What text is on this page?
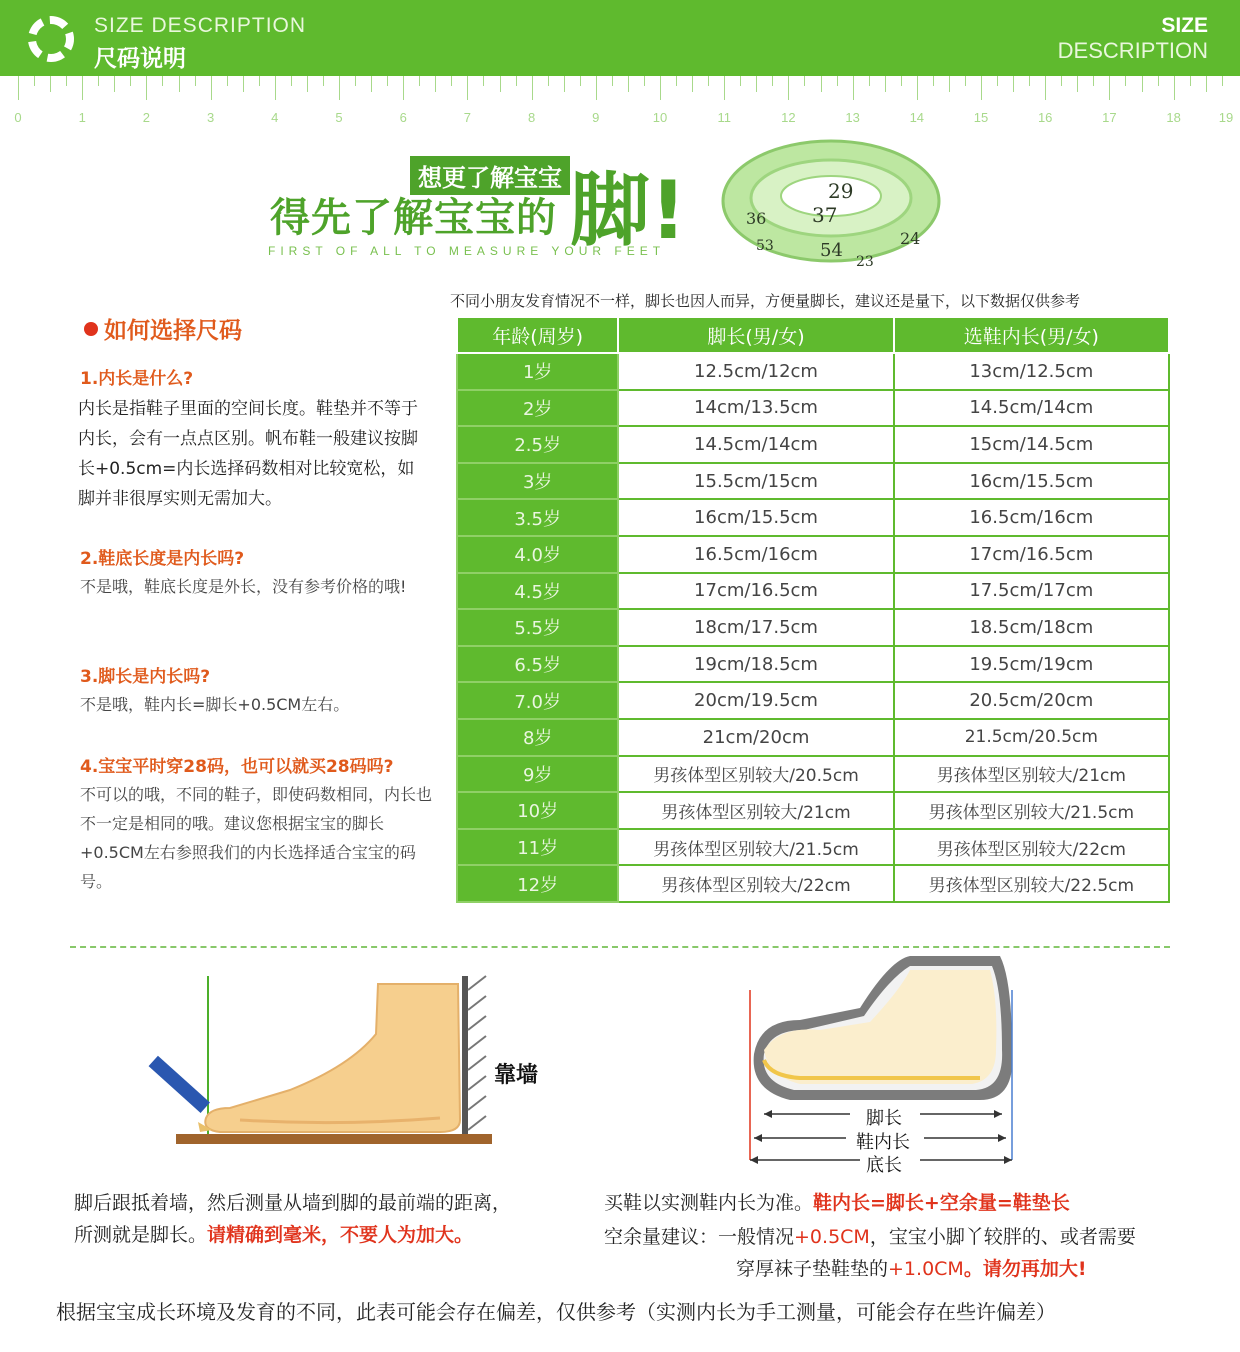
SIZE DESCRIPTION
尺码说明
SIZE
DESCRIPTION
0	1	2	3	4	5	6	7	8	9	10	11	12	13	14	15	16	17	18	19
想更了解宝宝
得先了解宝宝的 脚!
FIRST OF ALL TO MEASURE YOUR FEET
29
37
36
54
24
23
53
如何选择尺码
1.内长是什么?
内长是指鞋子里面的空间长度。鞋垫并不等于内长，会有一点点区别。帆布鞋一般建议按脚长+0.5cm=内长选择码数相对比较宽松，如脚并非很厚实则无需加大。
2.鞋底长度是内长吗?
不是哦，鞋底长度是外长，没有参考价格的哦!
3.脚长是内长吗?
不是哦，鞋内长=脚长+0.5CM左右。
4.宝宝平时穿28码，也可以就买28码吗?
不可以的哦，不同的鞋子，即使码数相同，内长也不一定是相同的哦。建议您根据宝宝的脚长+0.5CM左右参照我们的内长选择适合宝宝的码号。
不同小朋友发育情况不一样，脚长也因人而异，方便量脚长，建议还是量下，以下数据仅供参考
年龄(周岁)	脚长(男/女)	选鞋内长(男/女)
1岁	12.5cm/12cm	13cm/12.5cm
2岁	14cm/13.5cm	14.5cm/14cm
2.5岁	14.5cm/14cm	15cm/14.5cm
3岁	15.5cm/15cm	16cm/15.5cm
3.5岁	16cm/15.5cm	16.5cm/16cm
4.0岁	16.5cm/16cm	17cm/16.5cm
4.5岁	17cm/16.5cm	17.5cm/17cm
5.5岁	18cm/17.5cm	18.5cm/18cm
6.5岁	19cm/18.5cm	19.5cm/19cm
7.0岁	20cm/19.5cm	20.5cm/20cm
8岁	21cm/20cm	21.5cm/20.5cm
9岁	男孩体型区别较大/20.5cm	男孩体型区别较大/21cm
10岁	男孩体型区别较大/21cm	男孩体型区别较大/21.5cm
11岁	男孩体型区别较大/21.5cm	男孩体型区别较大/22cm
12岁	男孩体型区别较大/22cm	男孩体型区别较大/22.5cm
靠墙
脚长
鞋内长
底长
脚后跟抵着墙，然后测量从墙到脚的最前端的距离，
所测就是脚长。请精确到毫米，不要人为加大。
买鞋以实测鞋内长为准。鞋内长=脚长+空余量=鞋垫长
空余量建议：一般情况+0.5CM，宝宝小脚丫较胖的、或者需要
穿厚袜子垫鞋垫的+1.0CM。请勿再加大!
根据宝宝成长环境及发育的不同，此表可能会存在偏差，仅供参考（实测内长为手工测量，可能会存在些许偏差）
